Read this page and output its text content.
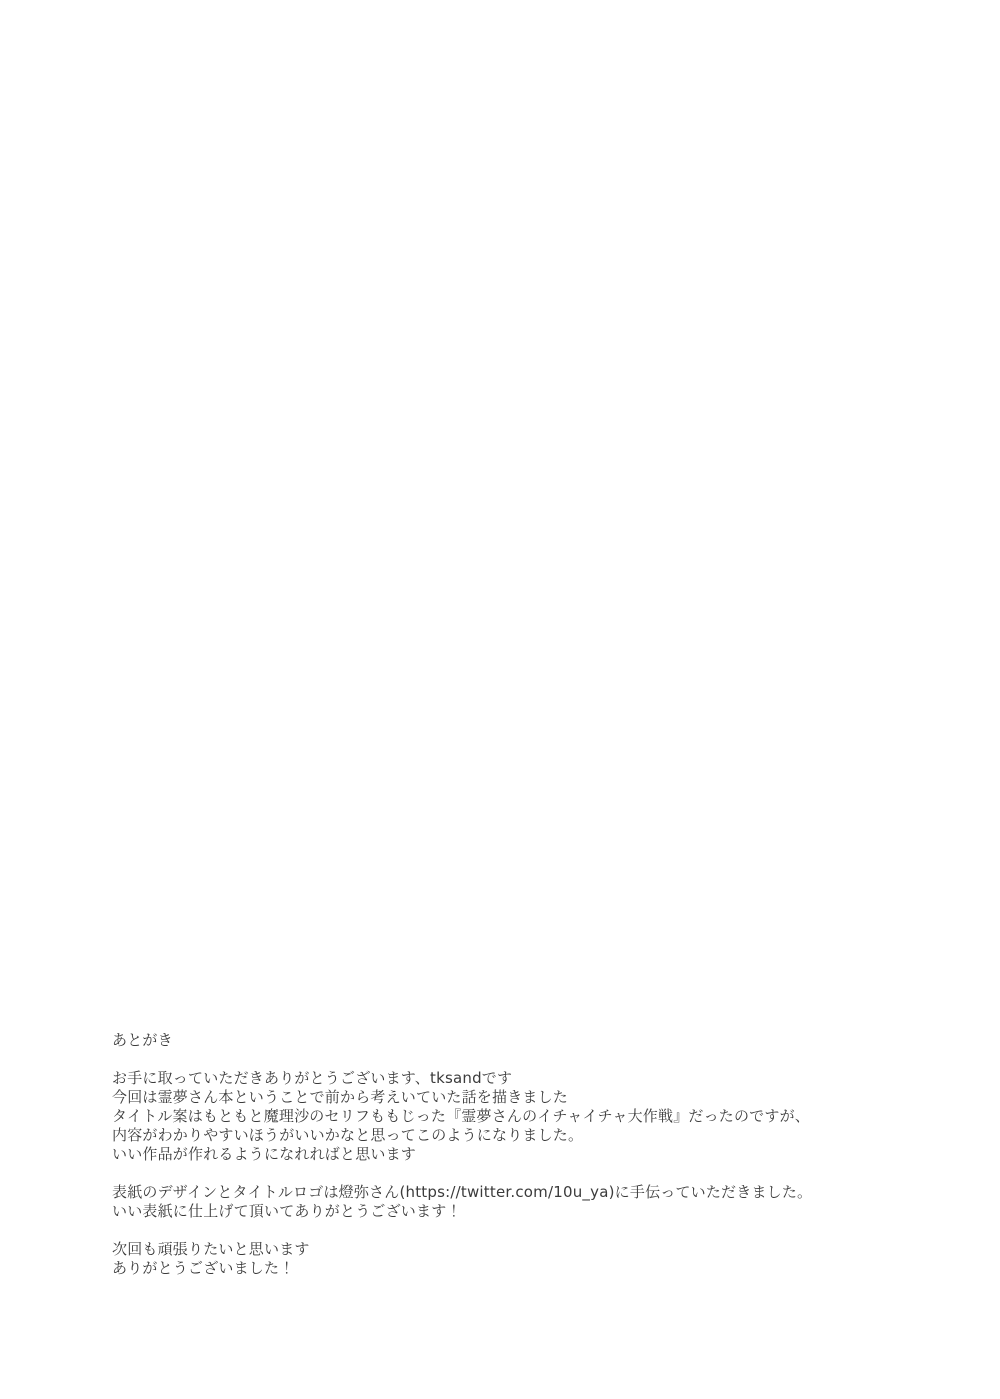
あとがき
お手に取っていただきありがとうございます、tksandです
今回は霊夢さん本ということで前から考えいていた話を描きました
タイトル案はもともと魔理沙のセリフももじった『霊夢さんのイチャイチャ大作戦』だったのですが、
内容がわかりやすいほうがいいかなと思ってこのようになりました。
いい作品が作れるようになれればと思います
表紙のデザインとタイトルロゴは燈弥さん(https://twitter.com/10u_ya)に手伝っていただきました。
いい表紙に仕上げて頂いてありがとうございます！
次回も頑張りたいと思います
ありがとうございました！
